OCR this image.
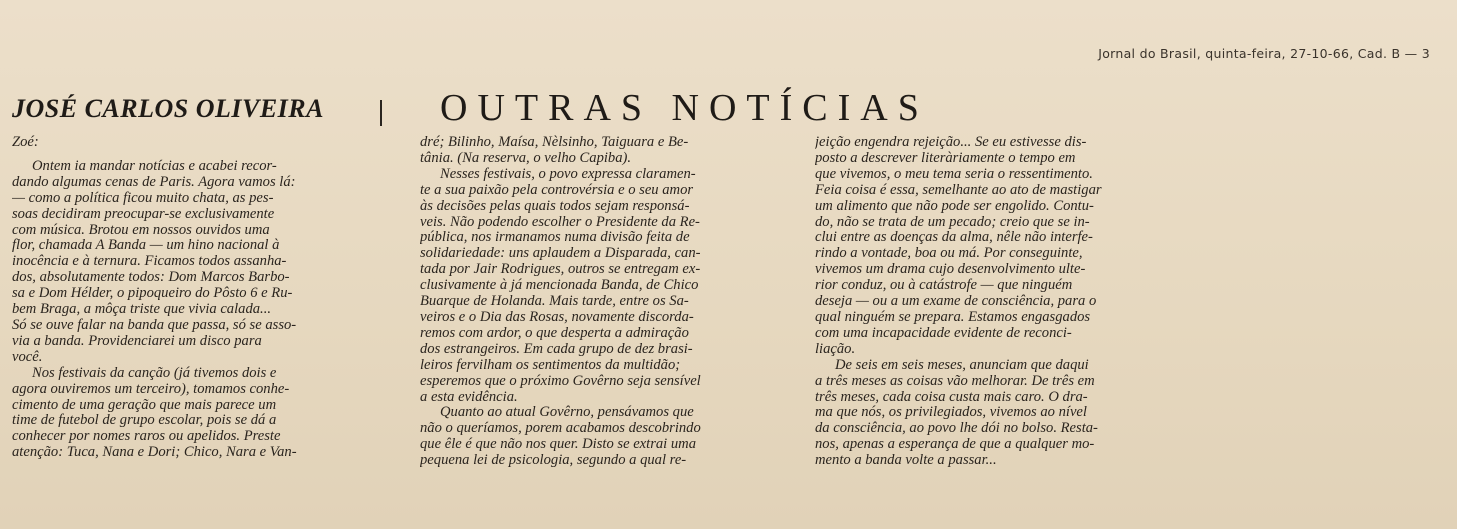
Jornal do Brasil, quinta-feira, 27-10-66, Cad. B — 3
JOSÉ CARLOS OLIVEIRA	OUTRAS NOTÍCIAS
Zoé:
Ontem ia mandar notícias e acabei recor-
dando algumas cenas de Paris. Agora vamos lá:
— como a política ficou muito chata, as pes-
soas decidiram preocupar-se exclusivamente
com música. Brotou em nossos ouvidos uma
flor, chamada A Banda — um hino nacional à
inocência e à ternura. Ficamos todos assanha-
dos, absolutamente todos: Dom Marcos Barbo-
sa e Dom Hélder, o pipoqueiro do Pôsto 6 e Ru-
bem Braga, a môça triste que vivia calada...
Só se ouve falar na banda que passa, só se asso-
via a banda. Providenciarei um disco para
você.
Nos festivais da canção (já tivemos dois e
agora ouviremos um terceiro), tomamos conhe-
cimento de uma geração que mais parece um
time de futebol de grupo escolar, pois se dá a
conhecer por nomes raros ou apelidos. Preste
atenção: Tuca, Nana e Dori; Chico, Nara e Van-
dré; Bilinho, Maísa, Nèlsinho, Taiguara e Be-
tânia. (Na reserva, o velho Capiba).
Nesses festivais, o povo expressa claramen-
te a sua paixão pela controvérsia e o seu amor
às decisões pelas quais todos sejam responsá-
veis. Não podendo escolher o Presidente da Re-
pública, nos irmanamos numa divisão feita de
solidariedade: uns aplaudem a Disparada, can-
tada por Jair Rodrigues, outros se entregam ex-
clusivamente à já mencionada Banda, de Chico
Buarque de Holanda. Mais tarde, entre os Sa-
veiros e o Dia das Rosas, novamente discorda-
remos com ardor, o que desperta a admiração
dos estrangeiros. Em cada grupo de dez brasi-
leiros fervilham os sentimentos da multidão;
esperemos que o próximo Govêrno seja sensível
a esta evidência.
Quanto ao atual Govêrno, pensávamos que
não o queríamos, porem acabamos descobrindo
que êle é que não nos quer. Disto se extrai uma
pequena lei de psicologia, segundo a qual re-
jeição engendra rejeição... Se eu estivesse dis-
posto a descrever literàriamente o tempo em
que vivemos, o meu tema seria o ressentimento.
Feia coisa é essa, semelhante ao ato de mastigar
um alimento que não pode ser engolido. Contu-
do, não se trata de um pecado; creio que se in-
clui entre as doenças da alma, nêle não interfe-
rindo a vontade, boa ou má. Por conseguinte,
vivemos um drama cujo desenvolvimento ulte-
rior conduz, ou à catástrofe — que ninguém
deseja — ou a um exame de consciência, para o
qual ninguém se prepara. Estamos engasgados
com uma incapacidade evidente de reconci-
liação.
De seis em seis meses, anunciam que daqui
a três meses as coisas vão melhorar. De três em
três meses, cada coisa custa mais caro. O dra-
ma que nós, os privilegiados, vivemos ao nível
da consciência, ao povo lhe dói no bolso. Resta-
nos, apenas a esperança de que a qualquer mo-
mento a banda volte a passar...
